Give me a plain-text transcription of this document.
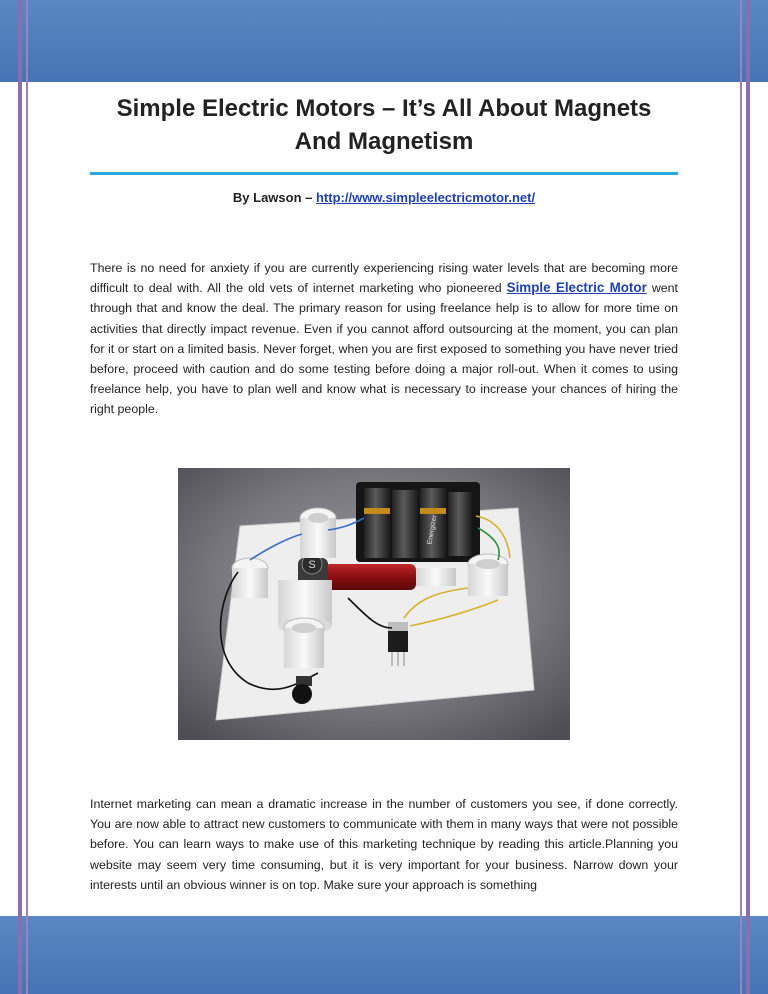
Simple Electric Motors – It’s All About Magnets
And Magnetism
By Lawson – http://www.simpleelectricmotor.net/
There is no need for anxiety if you are currently experiencing rising water levels that are becoming more difficult to deal with. All the old vets of internet marketing who pioneered Simple Electric Motor went through that and know the deal. The primary reason for using freelance help is to allow for more time on activities that directly impact revenue. Even if you cannot afford outsourcing at the moment, you can plan for it or start on a limited basis. Never forget, when you are first exposed to something you have never tried before, proceed with caution and do some testing before doing a major roll-out. When it comes to using freelance help, you have to plan well and know what is necessary to increase your chances of hiring the right people.
Energizer
S
Internet marketing can mean a dramatic increase in the number of customers you see, if done correctly. You are now able to attract new customers to communicate with them in many ways that were not possible before. You can learn ways to make use of this marketing technique by reading this article.Planning you website may seem very time consuming, but it is very important for your business. Narrow down your interests until an obvious winner is on top. Make sure your approach is something
